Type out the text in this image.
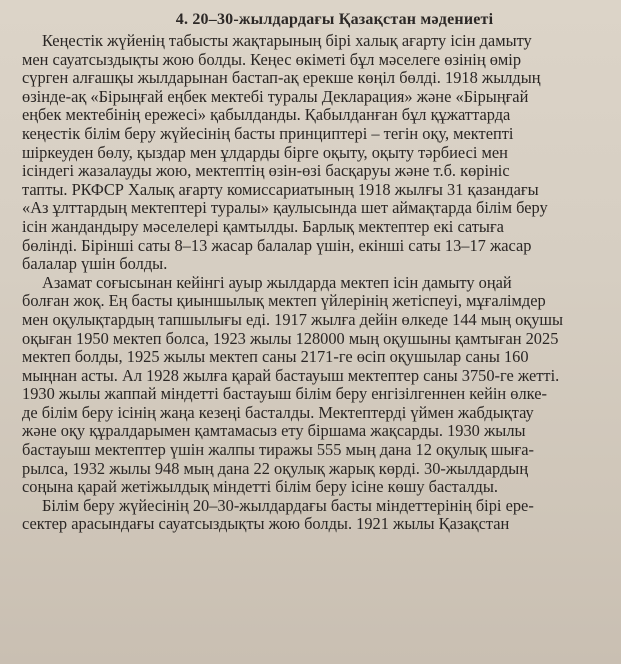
4. 20–30-жылдардағы Қазақстан мәдениеті

Кеңестік жүйенің табысты жақтарының бірі халық ағарту ісін дамыту
мен сауатсыздықты жою болды. Кеңес өкіметі бұл мәселеге өзінің өмір
сүрген алғашқы жылдарынан бастап-ақ ерекше көңіл бөлді. 1918 жылдың
өзінде-ақ «Бірыңғай еңбек мектебі туралы Декларация» және «Бірыңғай
еңбек мектебінің ережесі» қабылданды. Қабылданған бұл құжаттарда
кеңестік білім беру жүйесінің басты принциптері – тегін оқу, мектепті
шіркеуден бөлу, қыздар мен ұлдарды бірге оқыту, оқыту тәрбиесі мен
ісіндегі жазалауды жою, мектептің өзін-өзі басқаруы және т.б. көрініс
тапты. РКФСР Халық ағарту комиссариатының 1918 жылғы 31 қазандағы
«Аз ұлттардың мектептері туралы» қаулысында шет аймақтарда білім беру
ісін жандандыру мәселелері қамтылды. Барлық мектептер екі сатыға
бөлінді. Бірінші саты 8–13 жасар балалар үшін, екінші саты 13–17 жасар
балалар үшін болды.

Азамат соғысынан кейінгі ауыр жылдарда мектеп ісін дамыту оңай
болған жоқ. Ең басты қиыншылық мектеп үйлерінің жетіспеуі, мұғалімдер
мен оқулықтардың тапшылығы еді. 1917 жылға дейін өлкеде 144 мың оқушы
оқыған 1950 мектеп болса, 1923 жылы 128000 мың оқушыны қамтыған 2025
мектеп болды, 1925 жылы мектеп саны 2171-ге өсіп оқушылар саны 160
мыңнан асты. Ал 1928 жылға қарай бастауыш мектептер саны 3750-ге жетті.
1930 жылы жаппай міндетті бастауыш білім беру енгізілгеннен кейін өлке-
де білім беру ісінің жаңа кезеңі басталды. Мектептерді үймен жабдықтау
және оқу құралдарымен қамтамасыз ету біршама жақсарды. 1930 жылы
бастауыш мектептер үшін жалпы тиражы 555 мың дана 12 оқулық шыға-
рылса, 1932 жылы 948 мың дана 22 оқулық жарық көрді. 30-жылдардың
соңына қарай жетіжылдық міндетті білім беру ісіне көшу басталды.

Білім беру жүйесінің 20–30-жылдардағы басты міндеттерінің бірі ере-
сектер арасындағы сауатсыздықты жою болды. 1921 жылы Қазақстан
